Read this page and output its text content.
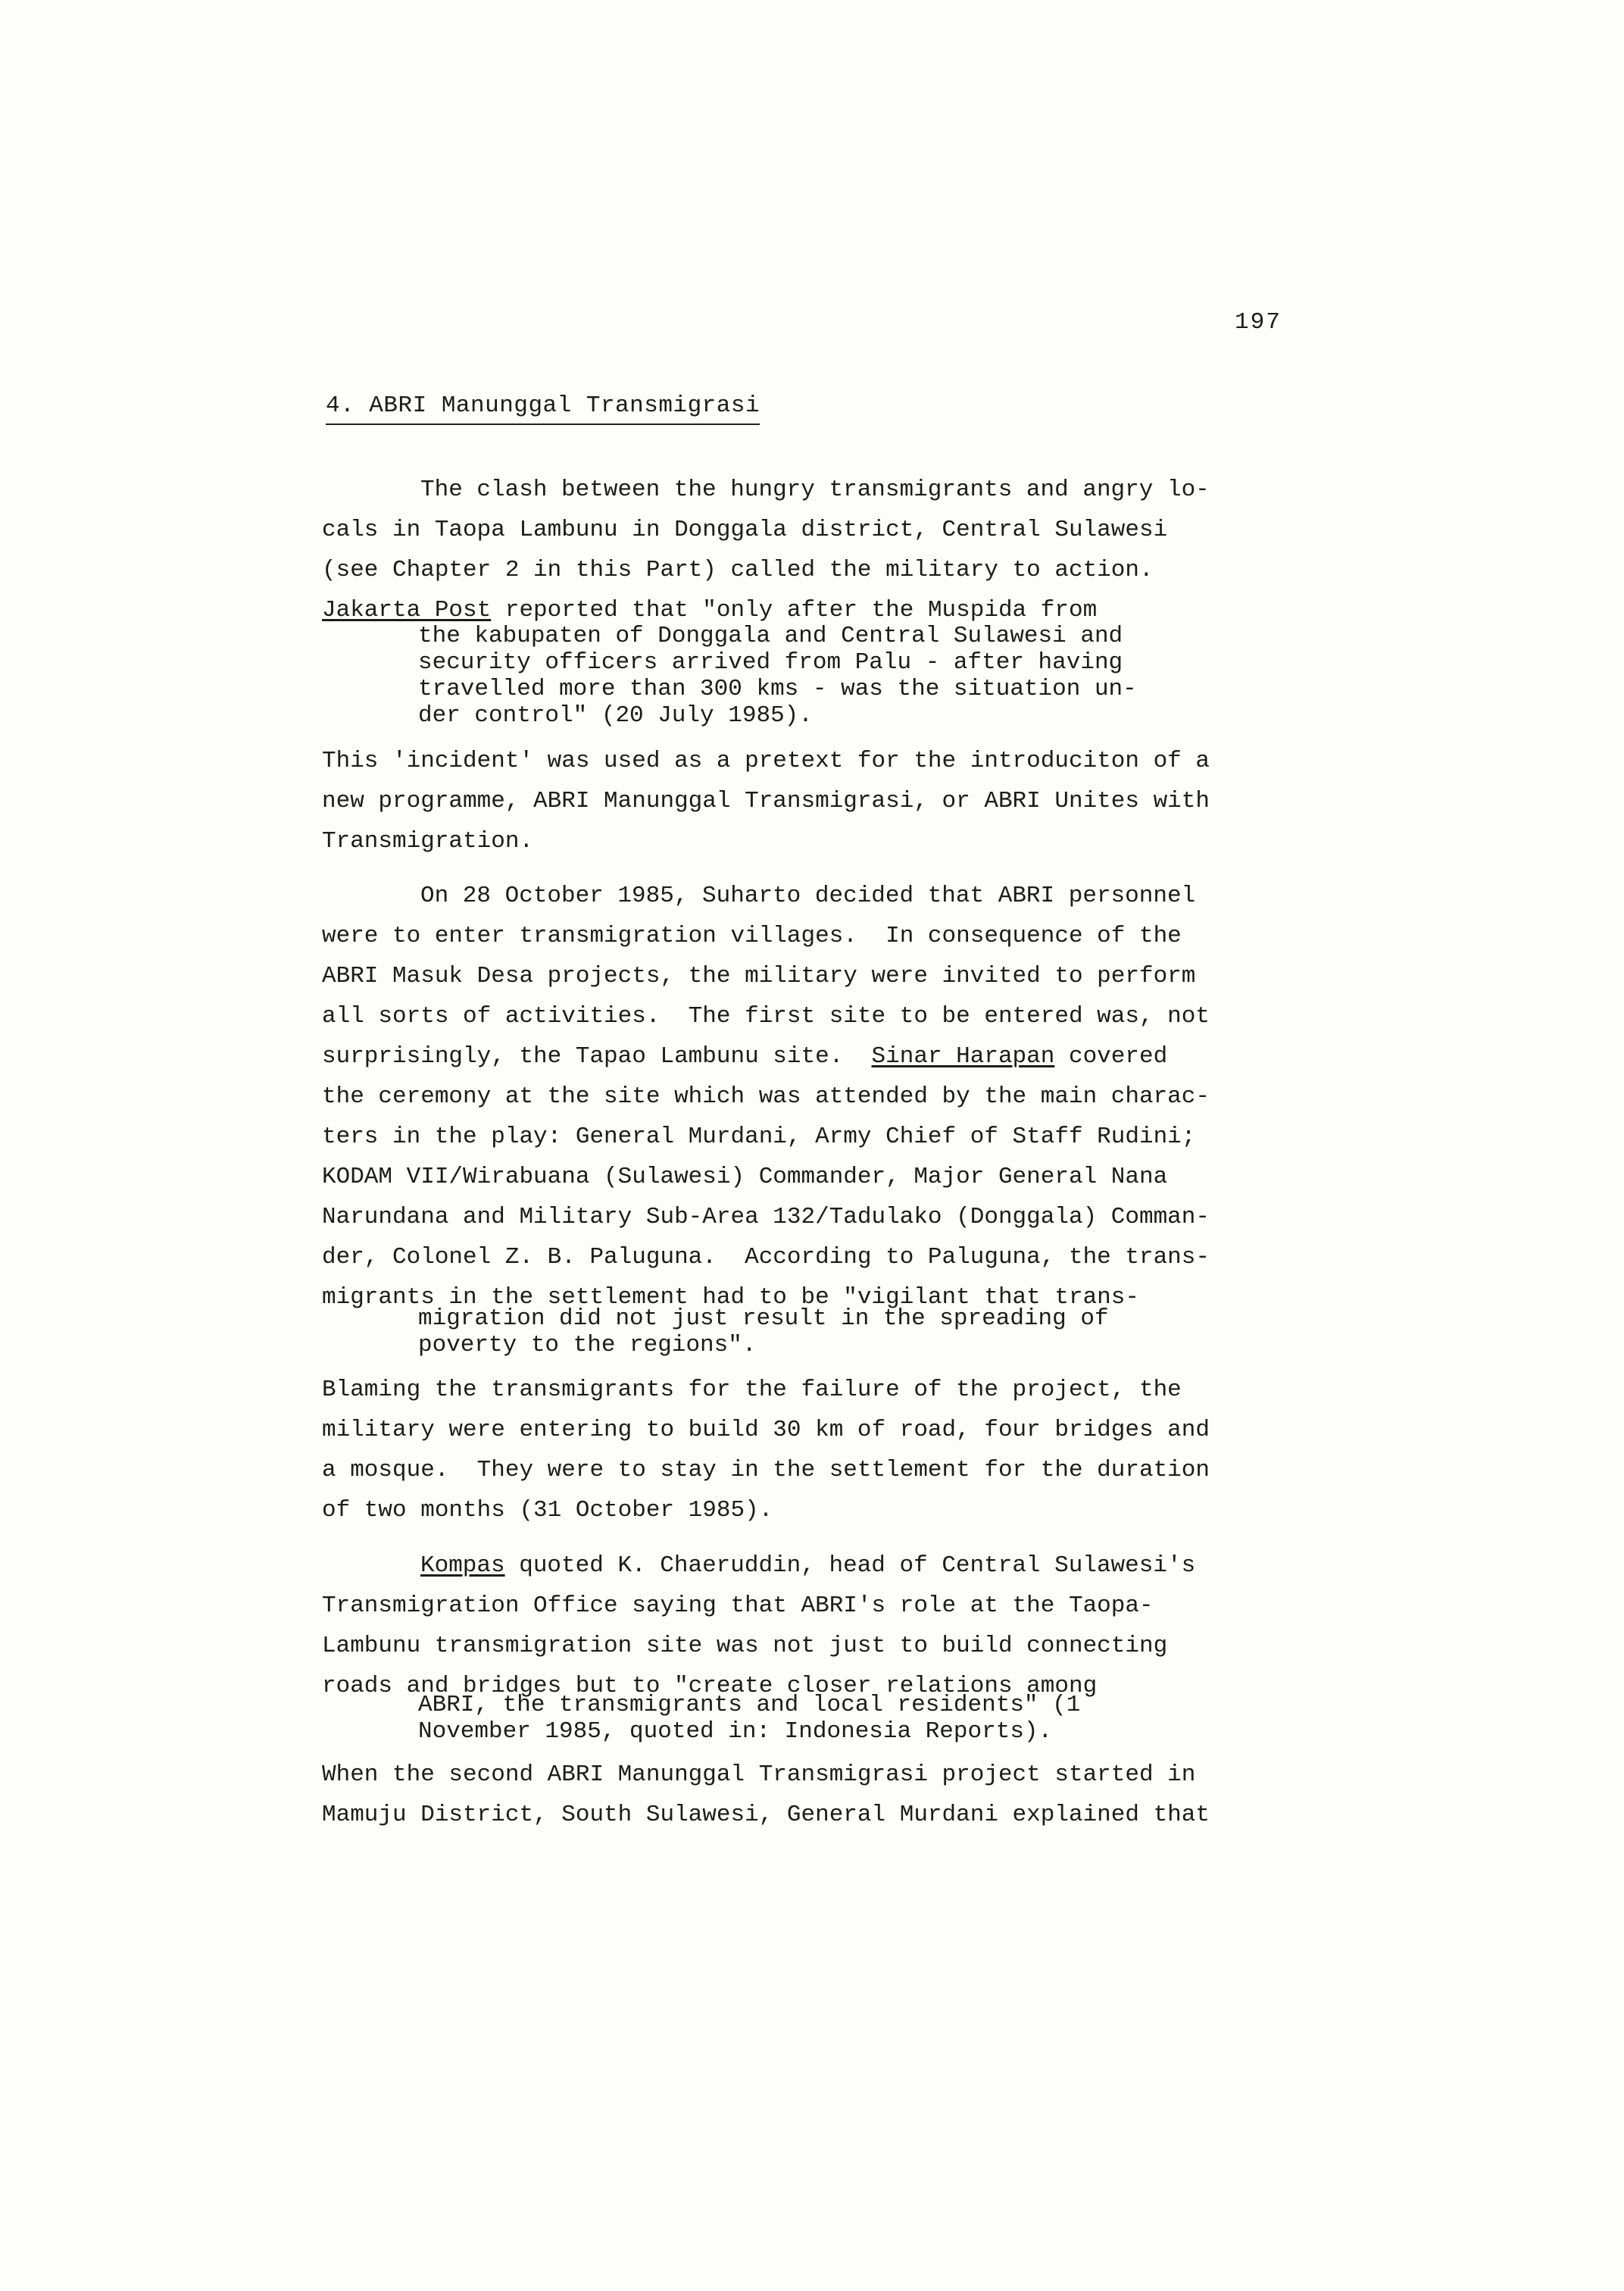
197
4. ABRI Manunggal Transmigrasi
The clash between the hungry transmigrants and angry lo-
cals in Taopa Lambunu in Donggala district, Central Sulawesi
(see Chapter 2 in this Part) called the military to action.
Jakarta Post reported that "only after the Muspida from
the kabupaten of Donggala and Central Sulawesi and
security officers arrived from Palu - after having
travelled more than 300 kms - was the situation un-
der control" (20 July 1985).
This 'incident' was used as a pretext for the introduciton of a
new programme, ABRI Manunggal Transmigrasi, or ABRI Unites with
Transmigration.
On 28 October 1985, Suharto decided that ABRI personnel
were to enter transmigration villages.  In consequence of the
ABRI Masuk Desa projects, the military were invited to perform
all sorts of activities.  The first site to be entered was, not
surprisingly, the Tapao Lambunu site.  Sinar Harapan covered
the ceremony at the site which was attended by the main charac-
ters in the play: General Murdani, Army Chief of Staff Rudini;
KODAM VII/Wirabuana (Sulawesi) Commander, Major General Nana
Narundana and Military Sub-Area 132/Tadulako (Donggala) Comman-
der, Colonel Z. B. Paluguna.  According to Paluguna, the trans-
migrants in the settlement had to be "vigilant that trans-
migration did not just result in the spreading of
poverty to the regions".
Blaming the transmigrants for the failure of the project, the
military were entering to build 30 km of road, four bridges and
a mosque.  They were to stay in the settlement for the duration
of two months (31 October 1985).
Kompas quoted K. Chaeruddin, head of Central Sulawesi's
Transmigration Office saying that ABRI's role at the Taopa-
Lambunu transmigration site was not just to build connecting
roads and bridges but to "create closer relations among
ABRI, the transmigrants and local residents" (1
November 1985, quoted in: Indonesia Reports).
When the second ABRI Manunggal Transmigrasi project started in
Mamuju District, South Sulawesi, General Murdani explained that
